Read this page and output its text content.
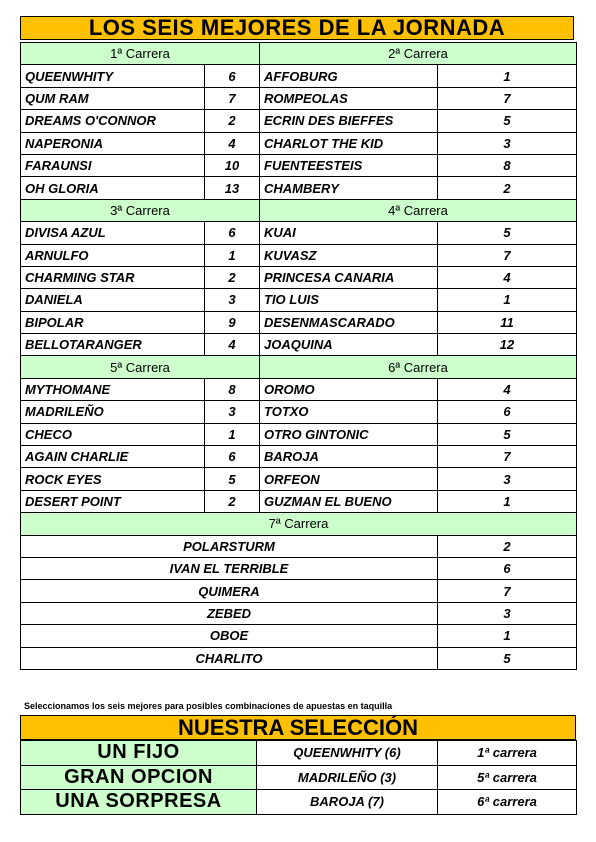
LOS SEIS MEJORES DE LA JORNADA
1ª Carrera		2ª Carrera	
QUEENWHITY	6	AFFOBURG	1
QUM RAM	7	ROMPEOLAS	7
DREAMS O'CONNOR	2	ECRIN DES BIEFFES	5
NAPERONIA	4	CHARLOT THE KID	3
FARAUNSI	10	FUENTEESTEIS	8
OH GLORIA	13	CHAMBERY	2
3ª Carrera		4ª Carrera	
DIVISA AZUL	6	KUAI	5
ARNULFO	1	KUVASZ	7
CHARMING STAR	2	PRINCESA CANARIA	4
DANIELA	3	TIO LUIS	1
BIPOLAR	9	DESENMASCARADO	11
BELLOTARANGER	4	JOAQUINA	12
5ª Carrera		6ª Carrera	
MYTHOMANE	8	OROMO	4
MADRILEÑO	3	TOTXO	6
CHECO	1	OTRO GINTONIC	5
AGAIN CHARLIE	6	BAROJA	7
ROCK EYES	5	ORFEON	3
DESERT POINT	2	GUZMAN EL BUENO	1
7ª Carrera			
POLARSTURM			2
IVAN EL TERRIBLE			6
QUIMERA			7
ZEBED			3
OBOE			1
CHARLITO			5
Seleccionamos los seis mejores para posibles combinaciones de apuestas en taquilla
NUESTRA SELECCIÓN
UN FIJO	QUEENWHITY (6)	1ª carrera
GRAN OPCION	MADRILEÑO (3)	5ª carrera
UNA SORPRESA	BAROJA (7)	6ª carrera
